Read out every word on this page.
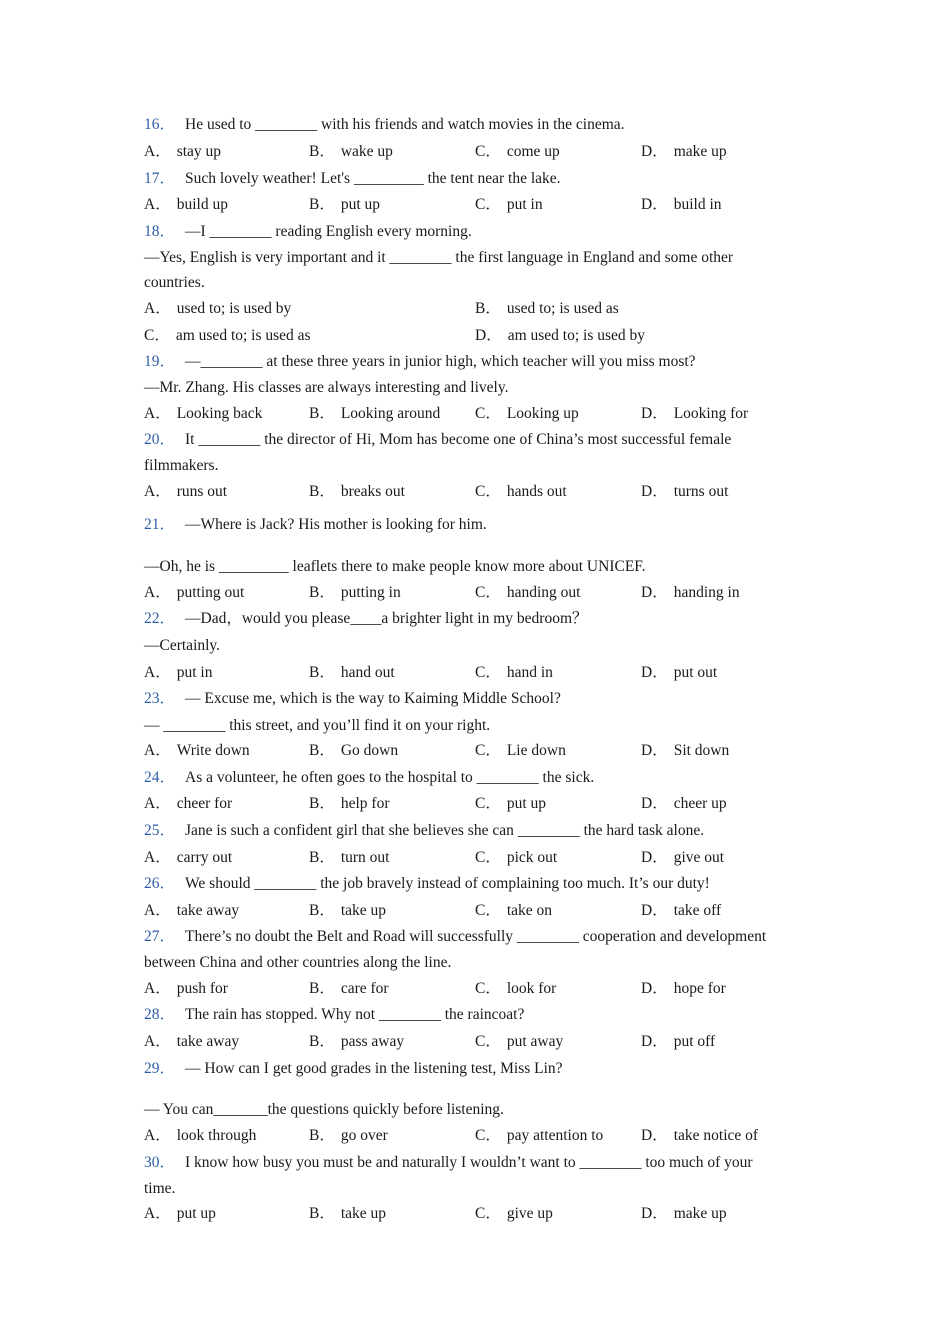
16． He used to ________ with his friends and watch movies in the cinema.
A． stay up	B． wake up	C． come up	D． make up
17． Such lovely weather! Let's _________ the tent near the lake.
A． build up	B． put up	C． put in	D． build in
18． —I ________ reading English every morning.
—Yes, English is very important and it ________ the first language in England and some other
countries.
A． used to; is used by	B． used to; is used as
C． am used to; is used as	D． am used to; is used by
19． —________ at these three years in junior high, which teacher will you miss most?
—Mr. Zhang. His classes are always interesting and lively.
A． Looking back	B． Looking around C． Looking up	D． Looking for
20． It ________ the director of Hi, Mom has become one of China’s most successful female
filmmakers.
A． runs out	B． breaks out	C． hands out	D． turns out
21． —Where is Jack? His mother is looking for him.
—Oh, he is _________ leaflets there to make people know more about UNICEF.
A． putting out	B． putting in	C． handing out	D． handing in
22． —Dad，would you please____a brighter light in my bedroom？
—Certainly.
A． put in	B． hand out	C． hand in	D． put out
23． — Excuse me, which is the way to Kaiming Middle School?
— ________ this street, and you’ll find it on your right.
A． Write down	B． Go down	C． Lie down	D． Sit down
24． As a volunteer, he often goes to the hospital to ________ the sick.
A． cheer for	B． help for	C． put up	D． cheer up
25． Jane is such a confident girl that she believes she can ________ the hard task alone.
A． carry out	B． turn out	C． pick out	D． give out
26． We should ________ the job bravely instead of complaining too much. It’s our duty!
A． take away	B． take up	C． take on	D． take off
27． There’s no doubt the Belt and Road will successfully ________ cooperation and development
between China and other countries along the line.
A． push for	B． care for	C． look for	D． hope for
28． The rain has stopped. Why not ________ the raincoat?
A． take away	B． pass away	C． put away	D． put off
29． — How can I get good grades in the listening test, Miss Lin?
— You can_______the questions quickly before listening.
A． look through	B． go over	C． pay attention to D． take notice of
30． I know how busy you must be and naturally I wouldn’t want to ________ too much of your
time.
A． put up	B． take up	C． give up	D． make up
